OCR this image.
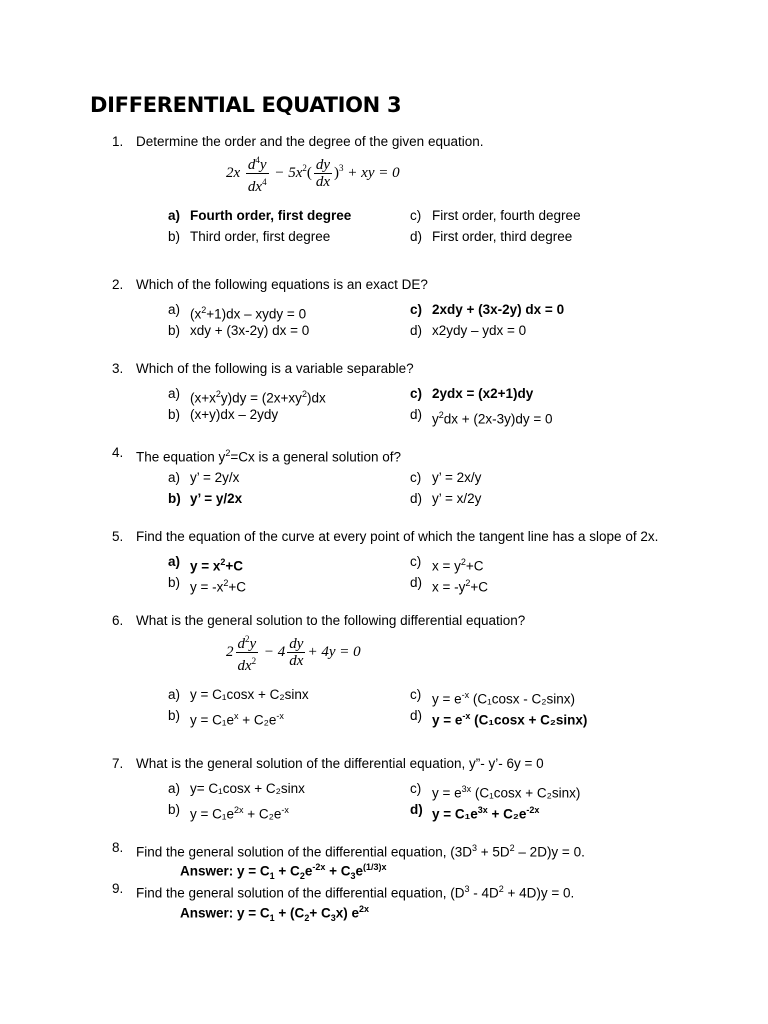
DIFFERENTIAL EQUATION 3
1. Determine the order and the degree of the given equation.
$2x \frac{d^4y}{dx^4} - 5x^2( \frac{dy}{dx} )^3$ + xy = 0
a) Fourth order, first degree
b) Third order, first degree
c) First order, fourth degree
d) First order, third degree
2. Which of the following equations is an exact DE?
a) $(x^2+1)dx$ – xydy = 0
b) xdy + (3x-2y) dx = 0
c) 2xdy + (3x-2y) dx = 0
d) x2ydy – ydx = 0
3. Which of the following is a variable separable?
a) $(x+x^2y)dy = (2x+xy^2)dx$
b) (x+y)dx – 2ydy
c) 2ydx = (x2+1)dy
d) $y^2dx + (2x-3y)dy = 0$
4. The equation $y^2=Cx$ is a general solution of?
a) y’ = 2y/x
b) y’ = y/2x
c) y’ = 2x/y
d) y’ = x/2y
5. Find the equation of the curve at every point of which the tangent line has a slope of 2x.
a) $y = x^2+C$
b) $y = -x^2+C$
c) $x = y^2+C$
d) $x = -y^2+C$
6. What is the general solution to the following differential equation?
$2 \frac{d^2y}{dx^2} - 4 \frac{dy}{dx} + 4y = 0$
a) y = C₁cosx + C₂sinx
b) $y = C_1e^x + C_2e^{-x}$
c) $y = e^{-x}$ (C₁cosx - C₂sinx)
d) $y = e^{-x}$ (C₁cosx + C₂sinx)
7. What is the general solution of the differential equation, y”- y’- 6y = 0
a) y= C₁cosx + C₂sinx
b) $y = C_1e^{2x} + C_2e^{-x}$
c) $y = e^{3x}$ (C₁cosx + C₂sinx)
d) $y = C_1e^{3x} + C_2e^{-2x}$
8. Find the general solution of the differential equation, $(3D^3 + 5D^2 - 2D)y = 0$.
Answer: $y = C_1 + C_2e^{-2x} + C_3e^{(1/3)x}$
9. Find the general solution of the differential equation, $(D^3 - 4D^2 + 4D)y = 0$.
Answer: $y = C_1 + (C_2+ C_3x)$ $e^{2x}$
